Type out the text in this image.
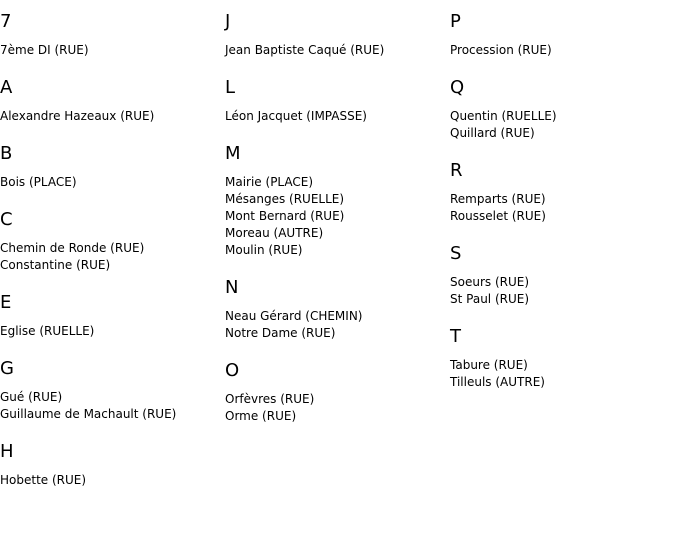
7
7ème DI (RUE)
A
Alexandre Hazeaux (RUE)
B
Bois (PLACE)
C
Chemin de Ronde (RUE)
Constantine (RUE)
E
Eglise (RUELLE)
G
Gué (RUE)
Guillaume de Machault (RUE)
H
Hobette (RUE)
J
Jean Baptiste Caqué (RUE)
L
Léon Jacquet (IMPASSE)
M
Mairie (PLACE)
Mésanges (RUELLE)
Mont Bernard (RUE)
Moreau (AUTRE)
Moulin (RUE)
N
Neau Gérard (CHEMIN)
Notre Dame (RUE)
O
Orfèvres (RUE)
Orme (RUE)
P
Procession (RUE)
Q
Quentin (RUELLE)
Quillard (RUE)
R
Remparts (RUE)
Rousselet (RUE)
S
Soeurs (RUE)
St Paul (RUE)
T
Tabure (RUE)
Tilleuls (AUTRE)
